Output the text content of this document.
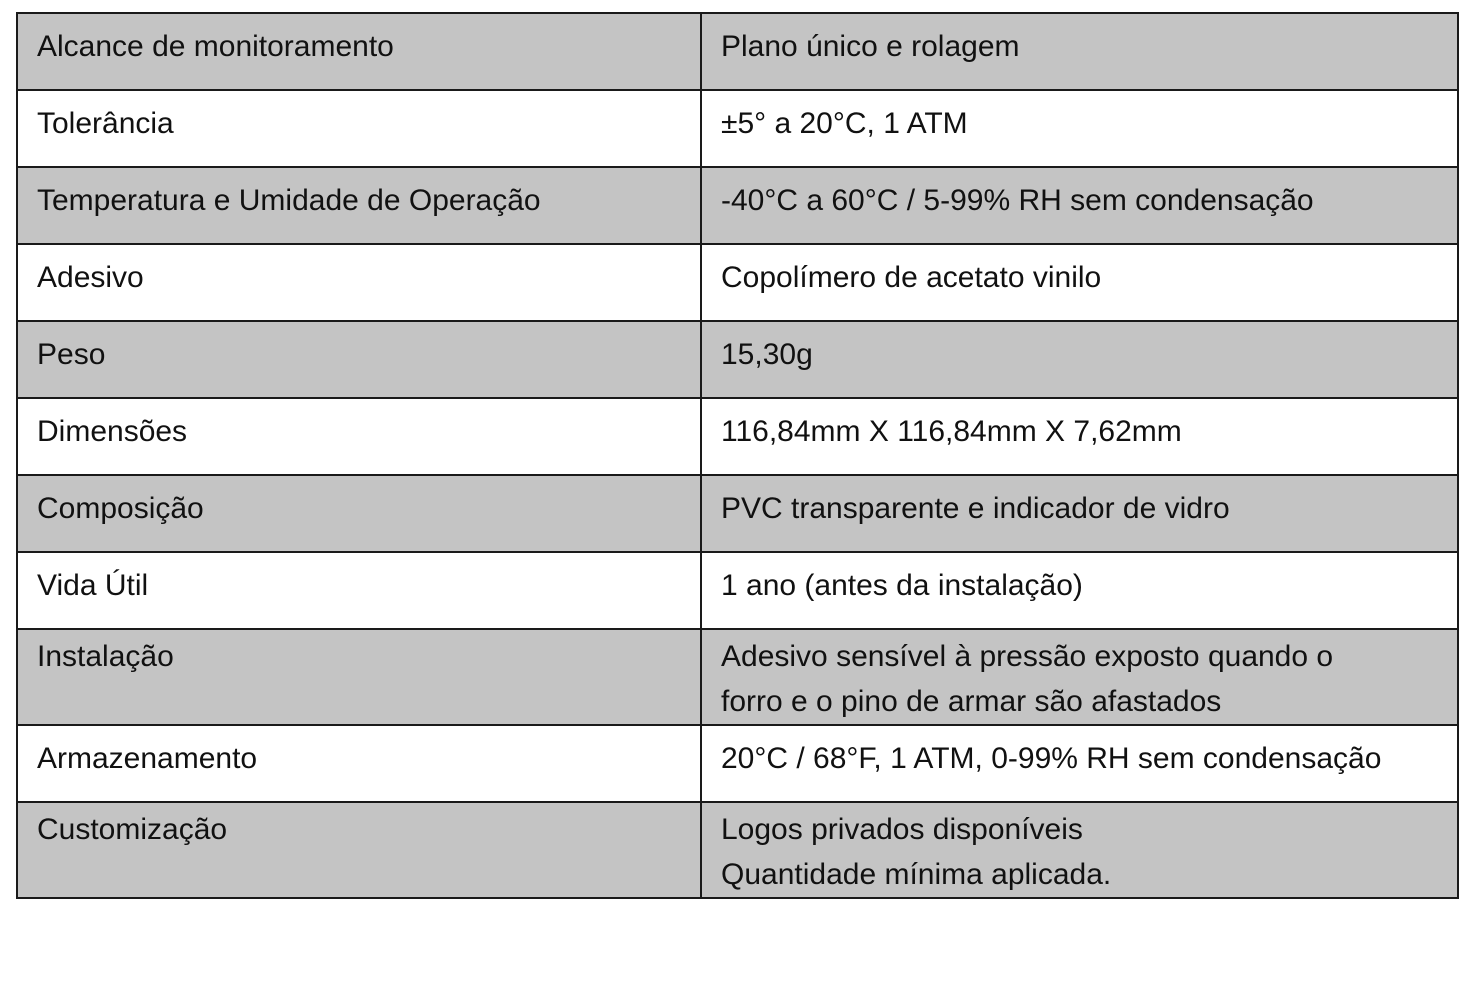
Alcance de monitoramento	Plano único e rolagem
Tolerância	±5° a 20°C, 1 ATM
Temperatura e Umidade de Operação	-40°C a 60°C / 5-99% RH sem condensação
Adesivo	Copolímero de acetato vinilo
Peso	15,30g
Dimensões	116,84mm X 116,84mm X 7,62mm
Composição	PVC transparente e indicador de vidro
Vida Útil	1 ano (antes da instalação)
Instalação	Adesivo sensível à pressão exposto quando o
forro e o pino de armar são afastados

Armazenamento	20°C / 68°F, 1 ATM, 0-99% RH sem condensação
Customização	Logos privados disponíveis
Quantidade mínima aplicada.
